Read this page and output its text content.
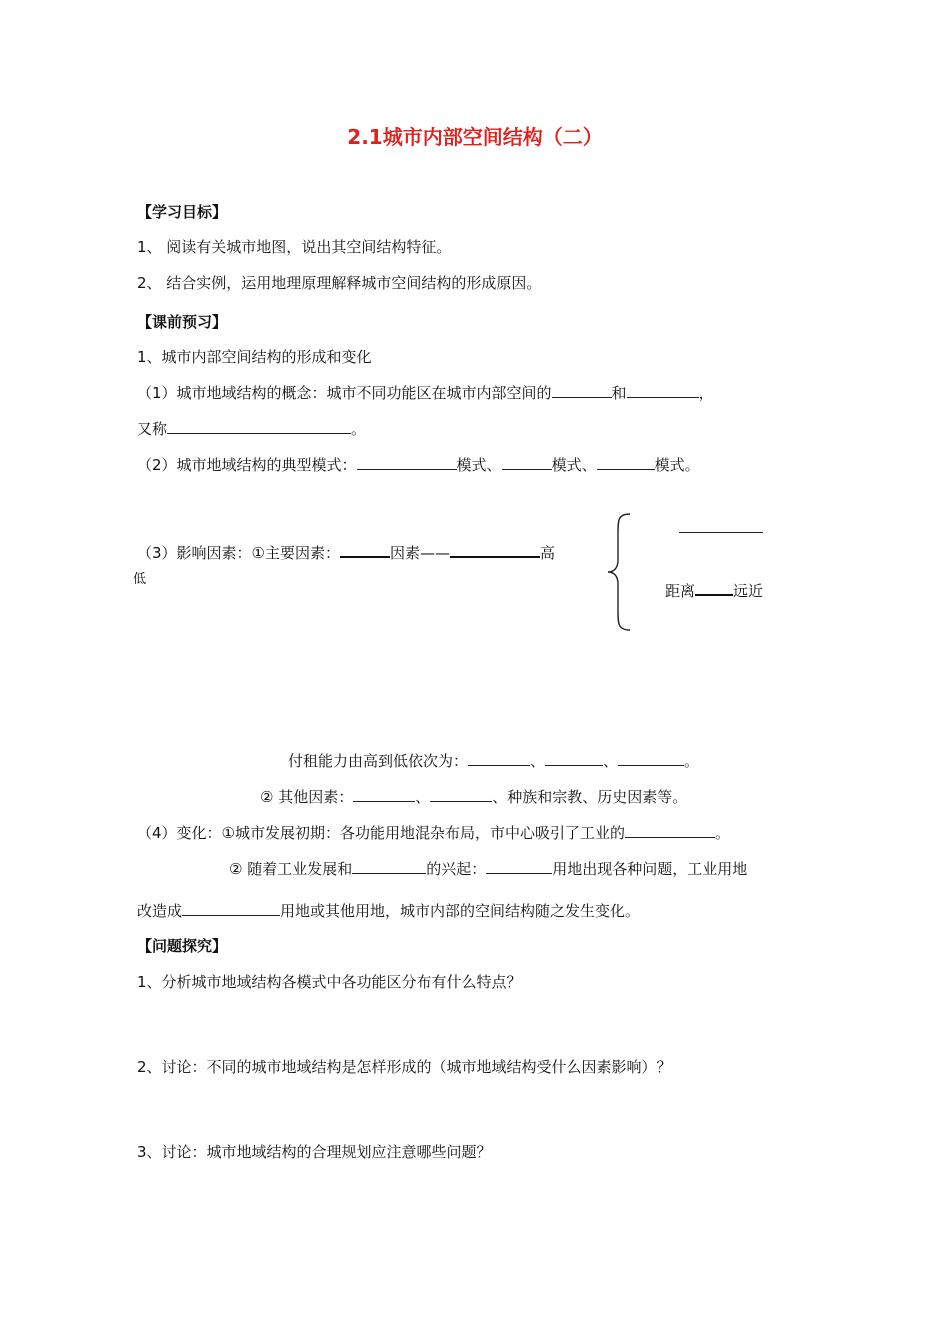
2.1城市内部空间结构（二）
【学习目标】
1、 阅读有关城市地图，说出其空间结构特征。
2、 结合实例，运用地理原理解释城市空间结构的形成原因。
【课前预习】
1、城市内部空间结构的形成和变化
（1）城市地域结构的概念：城市不同功能区在城市内部空间的	和	，
又称	。
（2）城市地域结构的典型模式：	模式、	模式、	模式。
（3）影响因素：①主要因素：	因素——	高
低
距离	远近
付租能力由高到低依次为：	、	、	。
② 其他因素：	、	、种族和宗教、历史因素等。
（4）变化：①城市发展初期：各功能用地混杂布局，市中心吸引了工业的	。
② 随着工业发展和	的兴起：	用地出现各种问题，工业用地
改造成	用地或其他用地，城市内部的空间结构随之发生变化。
【问题探究】
1、分析城市地域结构各模式中各功能区分布有什么特点？
2、讨论：不同的城市地域结构是怎样形成的（城市地域结构受什么因素影响）？
3、讨论：城市地域结构的合理规划应注意哪些问题？
